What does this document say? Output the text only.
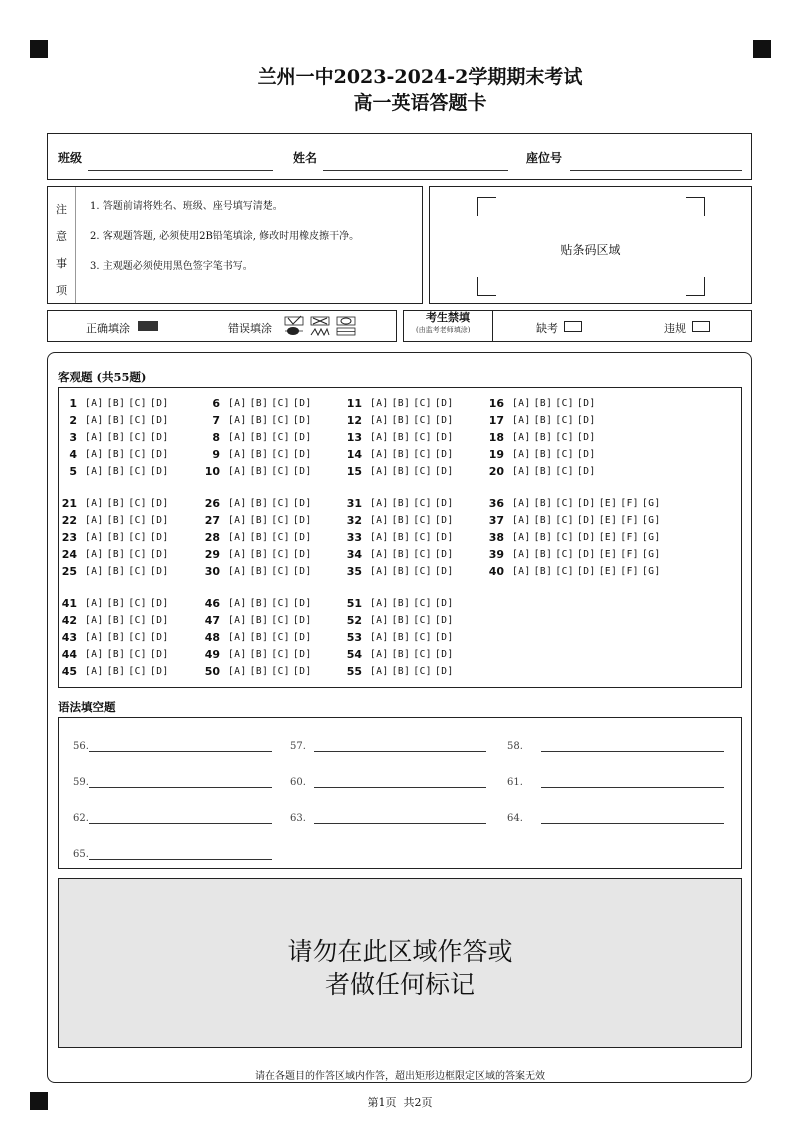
兰州一中2023-2024-2学期期末考试
高一英语答题卡
班级	姓名	座位号
注
意
事
项
1. 答题前请将姓名、班级、座号填写清楚。
2. 客观题答题, 必须使用2B铅笔填涂, 修改时用橡皮擦干净。
3. 主观题必须使用黑色签字笔书写。
贴条码区域
正确填涂	错误填涂
考生禁填
(由监考老师填涂)	缺考	违规
客观题 (共55题)
1 [A] [B] [C] [D]
2 [A] [B] [C] [D]
3 [A] [B] [C] [D]
4 [A] [B] [C] [D]
5 [A] [B] [C] [D]
6 [A] [B] [C] [D]
7 [A] [B] [C] [D]
8 [A] [B] [C] [D]
9 [A] [B] [C] [D]
10 [A] [B] [C] [D]
11 [A] [B] [C] [D]
12 [A] [B] [C] [D]
13 [A] [B] [C] [D]
14 [A] [B] [C] [D]
15 [A] [B] [C] [D]
16 [A] [B] [C] [D]
17 [A] [B] [C] [D]
18 [A] [B] [C] [D]
19 [A] [B] [C] [D]
20 [A] [B] [C] [D]
21 [A] [B] [C] [D]
22 [A] [B] [C] [D]
23 [A] [B] [C] [D]
24 [A] [B] [C] [D]
25 [A] [B] [C] [D]
26 [A] [B] [C] [D]
27 [A] [B] [C] [D]
28 [A] [B] [C] [D]
29 [A] [B] [C] [D]
30 [A] [B] [C] [D]
31 [A] [B] [C] [D]
32 [A] [B] [C] [D]
33 [A] [B] [C] [D]
34 [A] [B] [C] [D]
35 [A] [B] [C] [D]
36 [A] [B] [C] [D] [E] [F] [G]
37 [A] [B] [C] [D] [E] [F] [G]
38 [A] [B] [C] [D] [E] [F] [G]
39 [A] [B] [C] [D] [E] [F] [G]
40 [A] [B] [C] [D] [E] [F] [G]
41 [A] [B] [C] [D]
42 [A] [B] [C] [D]
43 [A] [B] [C] [D]
44 [A] [B] [C] [D]
45 [A] [B] [C] [D]
46 [A] [B] [C] [D]
47 [A] [B] [C] [D]
48 [A] [B] [C] [D]
49 [A] [B] [C] [D]
50 [A] [B] [C] [D]
51 [A] [B] [C] [D]
52 [A] [B] [C] [D]
53 [A] [B] [C] [D]
54 [A] [B] [C] [D]
55 [A] [B] [C] [D]
语法填空题
56.	57.	58.
59.	60.	61.
62.	63.	64.
65.
请勿在此区域作答或
者做任何标记
请在各题目的作答区域内作答，超出矩形边框限定区域的答案无效
第1页  共2页
